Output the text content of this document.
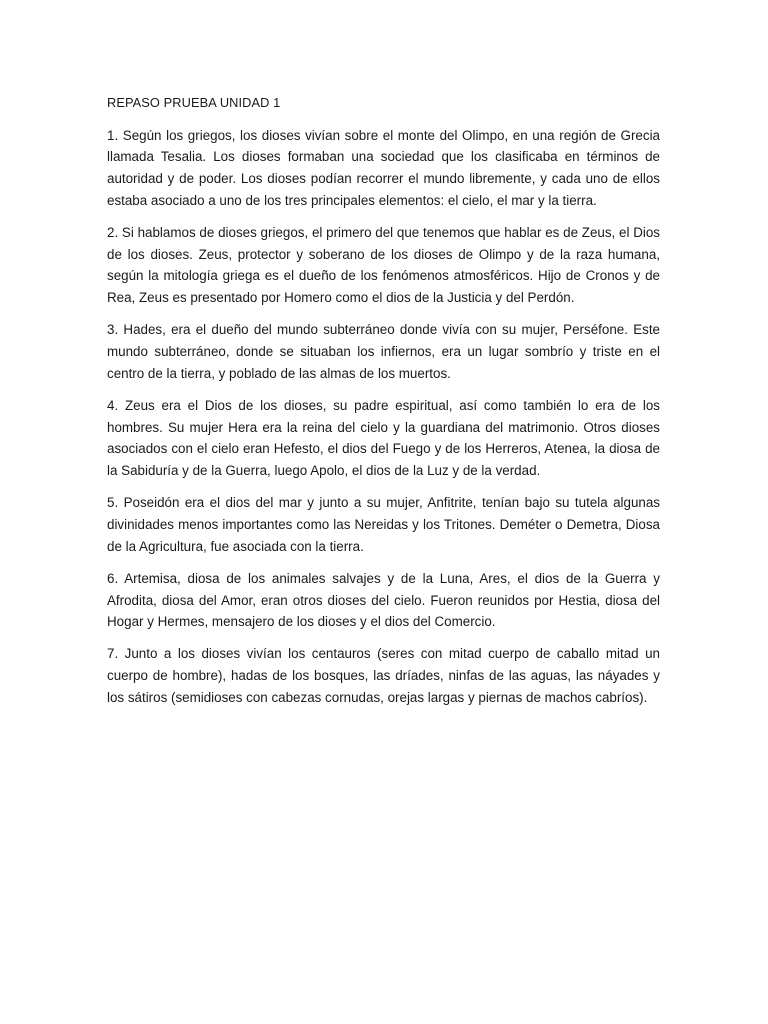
REPASO PRUEBA UNIDAD 1

1. Según los griegos, los dioses vivían sobre el monte del Olimpo, en una región de Grecia llamada Tesalia. Los dioses formaban una sociedad que los clasificaba en términos de autoridad y de poder. Los dioses podían recorrer el mundo libremente, y cada uno de ellos estaba asociado a uno de los tres principales elementos: el cielo, el mar y la tierra.

2. Si hablamos de dioses griegos, el primero del que tenemos que hablar es de Zeus, el Dios de los dioses. Zeus, protector y soberano de los dioses de Olimpo y de la raza humana, según la mitología griega es el dueño de los fenómenos atmosféricos. Hijo de Cronos y de Rea, Zeus es presentado por Homero como el dios de la Justicia y del Perdón.

3. Hades, era el dueño del mundo subterráneo donde vivía con su mujer, Perséfone. Este mundo subterráneo, donde se situaban los infiernos, era un lugar sombrío y triste en el centro de la tierra, y poblado de las almas de los muertos.

4. Zeus era el Dios de los dioses, su padre espiritual, así como también lo era de los hombres. Su mujer Hera era la reina del cielo y la guardiana del matrimonio. Otros dioses asociados con el cielo eran Hefesto, el dios del Fuego y de los Herreros, Atenea, la diosa de la Sabiduría y de la Guerra, luego Apolo, el dios de la Luz y de la verdad.

5. Poseidón era el dios del mar y junto a su mujer, Anfitrite, tenían bajo su tutela algunas divinidades menos importantes como las Nereidas y los Tritones. Deméter o Demetra, Diosa de la Agricultura, fue asociada con la tierra.

6. Artemisa, diosa de los animales salvajes y de la Luna, Ares, el dios de la Guerra y Afrodita, diosa del Amor, eran otros dioses del cielo. Fueron reunidos por Hestia, diosa del Hogar y Hermes, mensajero de los dioses y el dios del Comercio.

7. Junto a los dioses vivían los centauros (seres con mitad cuerpo de caballo mitad un cuerpo de hombre), hadas de los bosques, las dríades, ninfas de las aguas, las náyades y los sátiros (semidioses con cabezas cornudas, orejas largas y piernas de machos cabríos).
